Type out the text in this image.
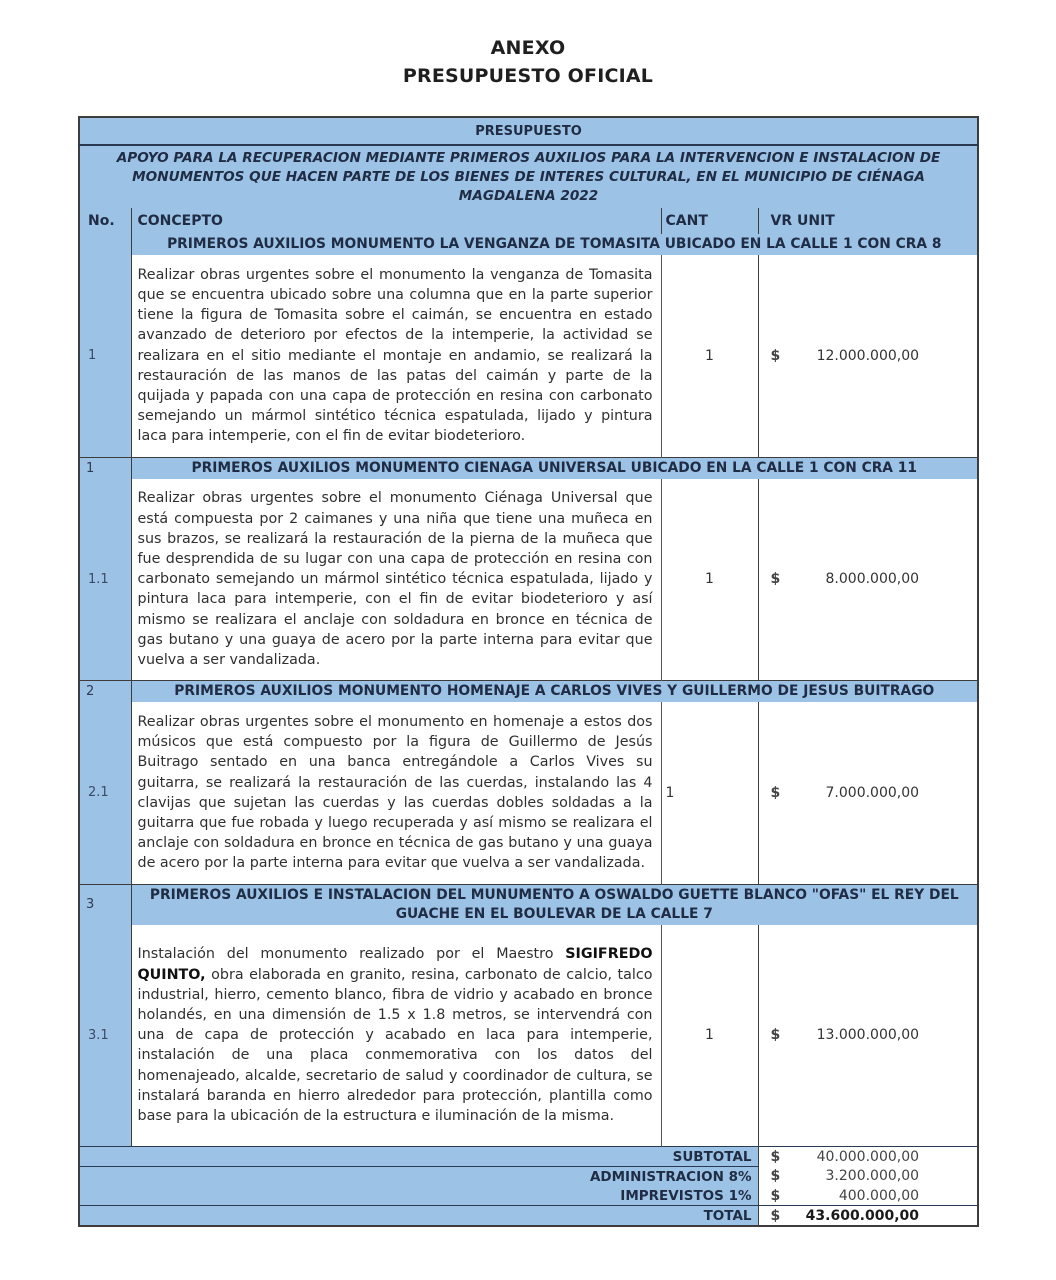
ANEXO
PRESUPUESTO OFICIAL
PRESUPUESTO			
APOYO PARA LA RECUPERACION MEDIANTE PRIMEROS AUXILIOS PARA LA INTERVENCION E INSTALACION DE MONUMENTOS QUE HACEN PARTE DE LOS BIENES DE INTERES CULTURAL, EN EL MUNICIPIO DE CIÉNAGA MAGDALENA 2022			
No.	CONCEPTO	CANT	VR UNIT
	PRIMEROS AUXILIOS MONUMENTO LA VENGANZA DE TOMASITA UBICADO EN LA CALLE 1 CON CRA 8		
1	Realizar obras urgentes sobre el monumento la venganza de Tomasita que se encuentra ubicado sobre una columna que en la parte superior tiene la figura de Tomasita sobre el caimán, se encuentra en estado avanzado de deterioro por efectos de la intemperie, la actividad se realizara en el sitio mediante el montaje en andamio, se realizará la restauración de las manos de las patas del caimán y parte de la quijada y papada con una capa de protección en resina con carbonato semejando un mármol sintético técnica espatulada, lijado y pintura laca para intemperie, con el fin de evitar biodeterioro.	1	$ 12.000.000,00

1	PRIMEROS AUXILIOS MONUMENTO CIENAGA UNIVERSAL UBICADO EN LA CALLE 1 CON CRA 11		
1.1	Realizar obras urgentes sobre el monumento Ciénaga Universal que está compuesta por 2 caimanes y una niña que tiene una muñeca en sus brazos, se realizará la restauración de la pierna de la muñeca que fue desprendida de su lugar con una capa de protección en resina con carbonato semejando un mármol sintético técnica espatulada, lijado y pintura laca para intemperie, con el fin de evitar biodeterioro y así mismo se realizara el anclaje con soldadura en bronce en técnica de gas butano y una guaya de acero por la parte interna para evitar que vuelva a ser vandalizada.	1	$ 8.000.000,00

2	PRIMEROS AUXILIOS MONUMENTO HOMENAJE A CARLOS VIVES Y GUILLERMO DE JESUS BUITRAGO		
2.1	Realizar obras urgentes sobre el monumento en homenaje a estos dos músicos que está compuesto por la figura de Guillermo de Jesús Buitrago sentado en una banca entregándole a Carlos Vives su guitarra, se realizará la restauración de las cuerdas, instalando las 4 clavijas que sujetan las cuerdas y las cuerdas dobles soldadas a la guitarra que fue robada y luego recuperada y así mismo se realizara el anclaje con soldadura en bronce en técnica de gas butano y una guaya de acero por la parte interna para evitar que vuelva a ser vandalizada.	1	$ 7.000.000,00

3	PRIMEROS AUXILIOS E INSTALACION DEL MUNUMENTO A OSWALDO GUETTE BLANCO "OFAS" EL REY DEL GUACHE EN EL BOULEVAR DE LA CALLE 7		
3.1	Instalación del monumento realizado por el Maestro SIGIFREDO QUINTO, obra elaborada en granito, resina, carbonato de calcio, talco industrial, hierro, cemento blanco, fibra de vidrio y acabado en bronce holandés, en una dimensión de 1.5 x 1.8 metros, se intervendrá con una de capa de protección y acabado en laca para intemperie, instalación de una placa conmemorativa con los datos del homenajeado, alcalde, secretario de salud y coordinador de cultura, se instalará baranda en hierro alrededor para protección, plantilla como base para la ubicación de la estructura e iluminación de la misma.	1	$ 13.000.000,00

SUBTOTAL			$ 40.000.000,00

ADMINISTRACION 8%			$ 3.200.000,00

IMPREVISTOS 1%			$ 400.000,00

TOTAL			$ 43.600.000,00
